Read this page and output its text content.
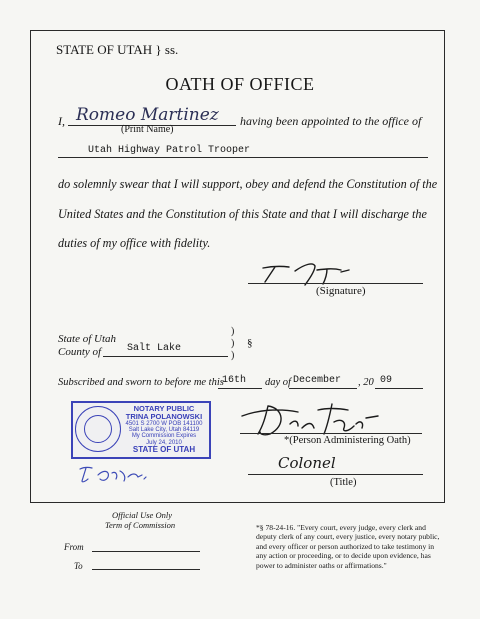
STATE OF UTAH } ss.
OATH OF OFFICE
I, Romeo Martinez
(Print Name)
having been appointed to the office of
Utah Highway Patrol Trooper
do solemnly swear that I will support, obey and defend the Constitution of the
United States and the Constitution of this State and that I will discharge the
duties of my office with fidelity.
(Signature)
State of Utah
County of	Salt Lake
)
)
)
§
Subscribed and sworn to before me this
16th day of December , 20 09
NOTARY PUBLIC
TRINA POLANOWSKI
4501 S 2700 W POB 141100
Salt Lake City, Utah 84119
My Commission Expires
July 24, 2010
STATE OF UTAH
*(Person Administering Oath)
Colonel
(Title)
Official Use Only
Term of Commission
From
To
*§ 78-24-16. "Every court, every judge, every clerk and
deputy clerk of any court, every justice, every notary public,
and every officer or person authorized to take testimony in
any action or proceeding, or to decide upon evidence, has
power to administer oaths or affirmations."
